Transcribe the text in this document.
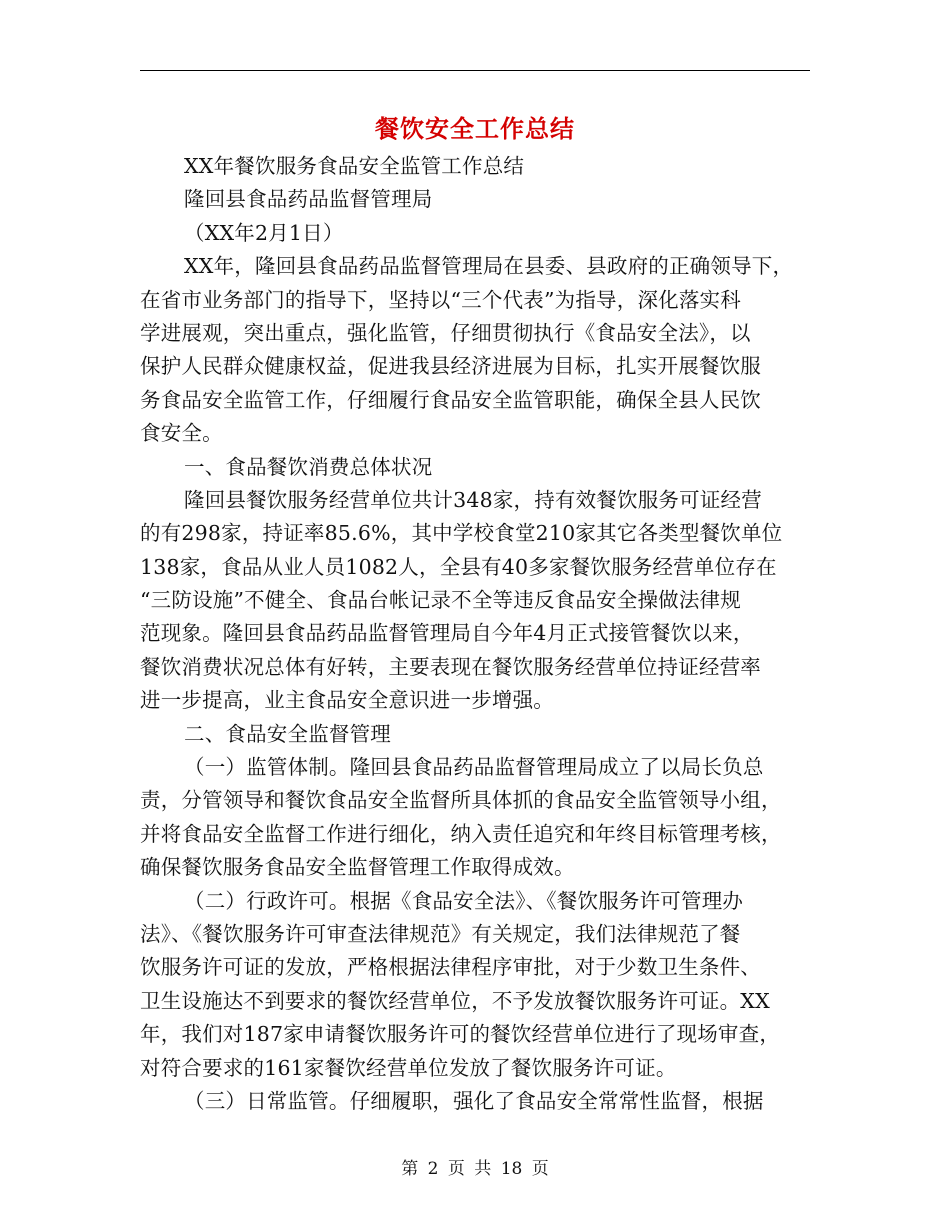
餐饮安全工作总结
XX年餐饮服务食品安全监管工作总结
隆回县食品药品监督管理局
（XX年2月1日）
XX年，隆回县食品药品监督管理局在县委、县政府的正确领导下，
在省市业务部门的指导下，坚持以“三个代表”为指导，深化落实科
学进展观，突出重点，强化监管，仔细贯彻执行《食品安全法》，以
保护人民群众健康权益，促进我县经济进展为目标，扎实开展餐饮服
务食品安全监管工作，仔细履行食品安全监管职能，确保全县人民饮
食安全。
一、食品餐饮消费总体状况
隆回县餐饮服务经营单位共计348家，持有效餐饮服务可证经营
的有298家，持证率85.6%，其中学校食堂210家其它各类型餐饮单位
138家，食品从业人员1082人，全县有40多家餐饮服务经营单位存在
“三防设施”不健全、食品台帐记录不全等违反食品安全操做法律规
范现象。隆回县食品药品监督管理局自今年4月正式接管餐饮以来，
餐饮消费状况总体有好转，主要表现在餐饮服务经营单位持证经营率
进一步提高，业主食品安全意识进一步增强。
二、食品安全监督管理
（一）监管体制。隆回县食品药品监督管理局成立了以局长负总
责，分管领导和餐饮食品安全监督所具体抓的食品安全监管领导小组，
并将食品安全监督工作进行细化，纳入责任追究和年终目标管理考核，
确保餐饮服务食品安全监督管理工作取得成效。
（二）行政许可。根据《食品安全法》、《餐饮服务许可管理办
法》、《餐饮服务许可审查法律规范》有关规定，我们法律规范了餐
饮服务许可证的发放，严格根据法律程序审批，对于少数卫生条件、
卫生设施达不到要求的餐饮经营单位，不予发放餐饮服务许可证。XX
年，我们对187家申请餐饮服务许可的餐饮经营单位进行了现场审查，
对符合要求的161家餐饮经营单位发放了餐饮服务许可证。
（三）日常监管。仔细履职，强化了食品安全常常性监督，根据
第 2 页 共 18 页
